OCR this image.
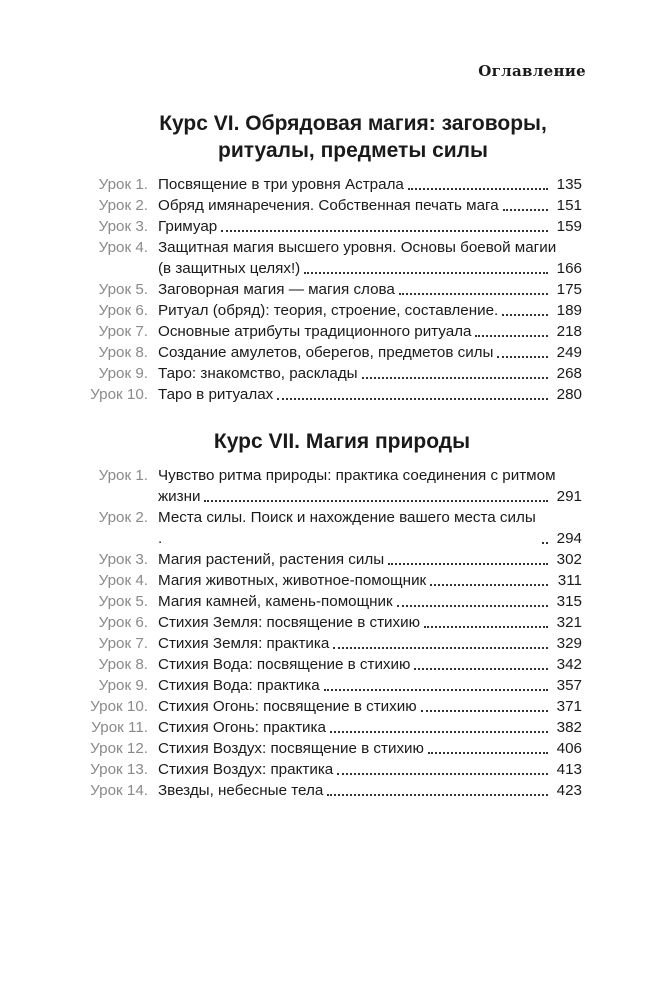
Оглавление
Курс VI. Обрядовая магия: заговоры,
ритуалы, предметы силы
Урок 1. Посвящение в три уровня Астрала	135
Урок 2. Обряд имянаречения. Собственная печать мага	151
Урок 3. Гримуар	159
Урок 4. Защитная магия высшего уровня. Основы боевой магии
(в защитных целях!)	166
Урок 5. Заговорная магия — магия слова	175
Урок 6. Ритуал (обряд): теория, строение, составление.	189
Урок 7. Основные атрибуты традиционного ритуала	218
Урок 8. Создание амулетов, оберегов, предметов силы	249
Урок 9. Таро: знакомство, расклады	268
Урок 10. Таро в ритуалах	280
Курс VII. Магия природы
Урок 1. Чувство ритма природы: практика соединения с ритмом
жизни	291
Урок 2. Места силы. Поиск и нахождение вашего места силы .	294
Урок 3. Магия растений, растения силы	302
Урок 4. Магия животных, животное-помощник	311
Урок 5. Магия камней, камень-помощник	315
Урок 6. Стихия Земля: посвящение в стихию	321
Урок 7. Стихия Земля: практика	329
Урок 8. Стихия Вода: посвящение в стихию	342
Урок 9. Стихия Вода: практика	357
Урок 10. Стихия Огонь: посвящение в стихию	371
Урок 11. Стихия Огонь: практика	382
Урок 12. Стихия Воздух: посвящение в стихию	406
Урок 13. Стихия Воздух: практика	413
Урок 14. Звезды, небесные тела	423
